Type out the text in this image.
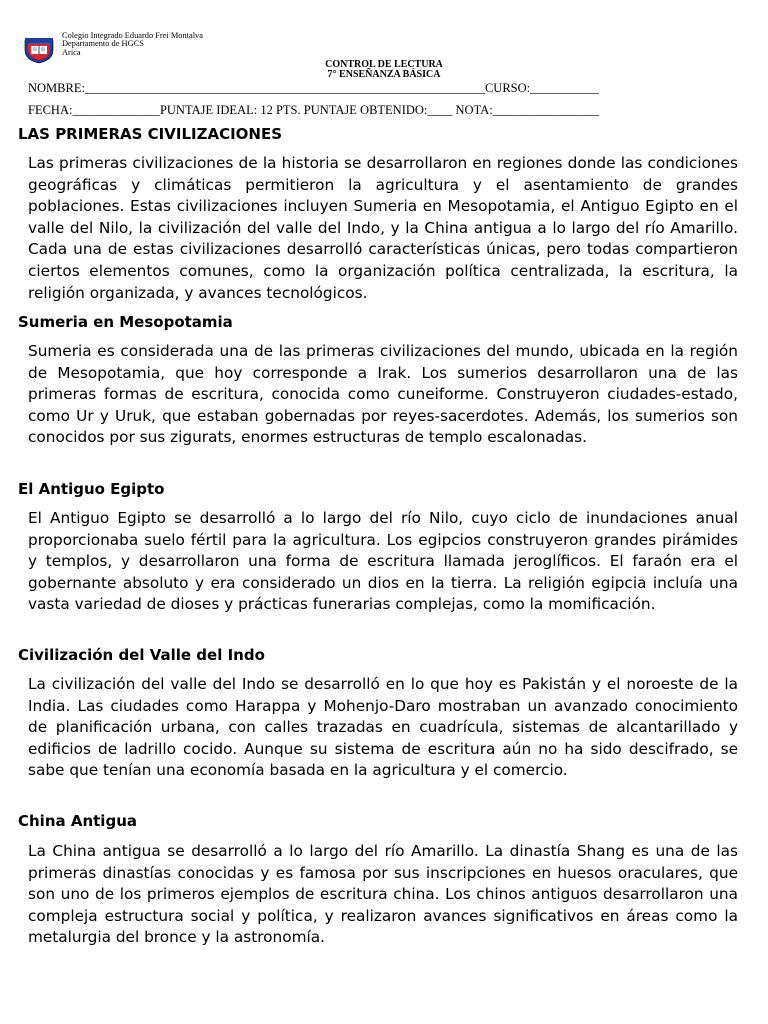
Colegio Integrado Eduardo Frei Montalva
Departamento de HGCS
Arica
CONTROL DE LECTURA
7° ENSEÑANZA BÁSICA
NOMBRE:________________________________________________________________CURSO:___________
FECHA:______________PUNTAJE IDEAL: 12 PTS. PUNTAJE OBTENIDO:____ NOTA:_________________
LAS PRIMERAS CIVILIZACIONES

Las primeras civilizaciones de la historia se desarrollaron en regiones donde las condiciones geográficas y climáticas permitieron la agricultura y el asentamiento de grandes poblaciones. Estas civilizaciones incluyen Sumeria en Mesopotamia, el Antiguo Egipto en el valle del Nilo, la civilización del valle del Indo, y la China antigua a lo largo del río Amarillo. Cada una de estas civilizaciones desarrolló características únicas, pero todas compartieron ciertos elementos comunes, como la organización política centralizada, la escritura, la religión organizada, y avances tecnológicos.

Sumeria en Mesopotamia

Sumeria es considerada una de las primeras civilizaciones del mundo, ubicada en la región de Mesopotamia, que hoy corresponde a Irak. Los sumerios desarrollaron una de las primeras formas de escritura, conocida como cuneiforme. Construyeron ciudades-estado, como Ur y Uruk, que estaban gobernadas por reyes-sacerdotes. Además, los sumerios son conocidos por sus zigurats, enormes estructuras de templo escalonadas.

El Antiguo Egipto

El Antiguo Egipto se desarrolló a lo largo del río Nilo, cuyo ciclo de inundaciones anual proporcionaba suelo fértil para la agricultura. Los egipcios construyeron grandes pirámides y templos, y desarrollaron una forma de escritura llamada jeroglíficos. El faraón era el gobernante absoluto y era considerado un dios en la tierra. La religión egipcia incluía una vasta variedad de dioses y prácticas funerarias complejas, como la momificación.

Civilización del Valle del Indo

La civilización del valle del Indo se desarrolló en lo que hoy es Pakistán y el noroeste de la India. Las ciudades como Harappa y Mohenjo-Daro mostraban un avanzado conocimiento de planificación urbana, con calles trazadas en cuadrícula, sistemas de alcantarillado y edificios de ladrillo cocido. Aunque su sistema de escritura aún no ha sido descifrado, se sabe que tenían una economía basada en la agricultura y el comercio.

China Antigua

La China antigua se desarrolló a lo largo del río Amarillo. La dinastía Shang es una de las primeras dinastías conocidas y es famosa por sus inscripciones en huesos oraculares, que son uno de los primeros ejemplos de escritura china. Los chinos antiguos desarrollaron una compleja estructura social y política, y realizaron avances significativos en áreas como la metalurgia del bronce y la astronomía.
